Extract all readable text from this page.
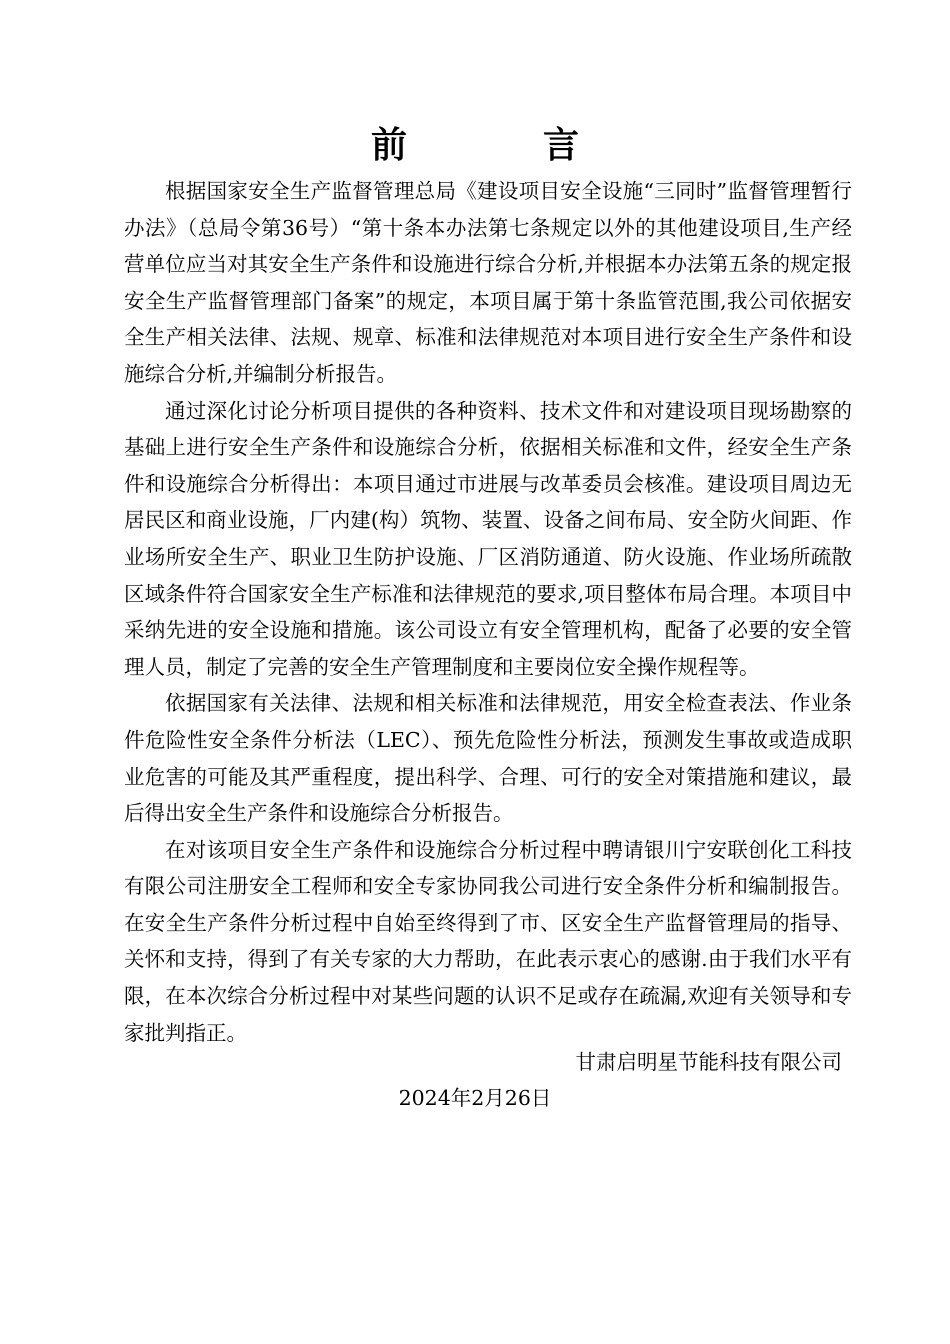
前　言

根据国家安全生产监督管理总局《建设项目安全设施“三同时”监督管理暂行办法》（总局令第36号）“第十条本办法第七条规定以外的其他建设项目,生产经营单位应当对其安全生产条件和设施进行综合分析,并根据本办法第五条的规定报安全生产监督管理部门备案”的规定，本项目属于第十条监管范围,我公司依据安全生产相关法律、法规、规章、标准和法律规范对本项目进行安全生产条件和设施综合分析,并编制分析报告。

通过深化讨论分析项目提供的各种资料、技术文件和对建设项目现场勘察的基础上进行安全生产条件和设施综合分析，依据相关标准和文件，经安全生产条件和设施综合分析得出：本项目通过市进展与改革委员会核准。建设项目周边无居民区和商业设施，厂内建(构）筑物、装置、设备之间布局、安全防火间距、作业场所安全生产、职业卫生防护设施、厂区消防通道、防火设施、作业场所疏散区域条件符合国家安全生产标准和法律规范的要求,项目整体布局合理。本项目中采纳先进的安全设施和措施。该公司设立有安全管理机构，配备了必要的安全管理人员，制定了完善的安全生产管理制度和主要岗位安全操作规程等。

依据国家有关法律、法规和相关标准和法律规范，用安全检查表法、作业条件危险性安全条件分析法（LEC）、预先危险性分析法，预测发生事故或造成职业危害的可能及其严重程度，提出科学、合理、可行的安全对策措施和建议，最后得出安全生产条件和设施综合分析报告。

在对该项目安全生产条件和设施综合分析过程中聘请银川宁安联创化工科技有限公司注册安全工程师和安全专家协同我公司进行安全条件分析和编制报告。在安全生产条件分析过程中自始至终得到了市、区安全生产监督管理局的指导、关怀和支持，得到了有关专家的大力帮助，在此表示衷心的感谢.由于我们水平有限，在本次综合分析过程中对某些问题的认识不足或存在疏漏,欢迎有关领导和专家批判指正。

甘肃启明星节能科技有限公司
2024年2月26日
